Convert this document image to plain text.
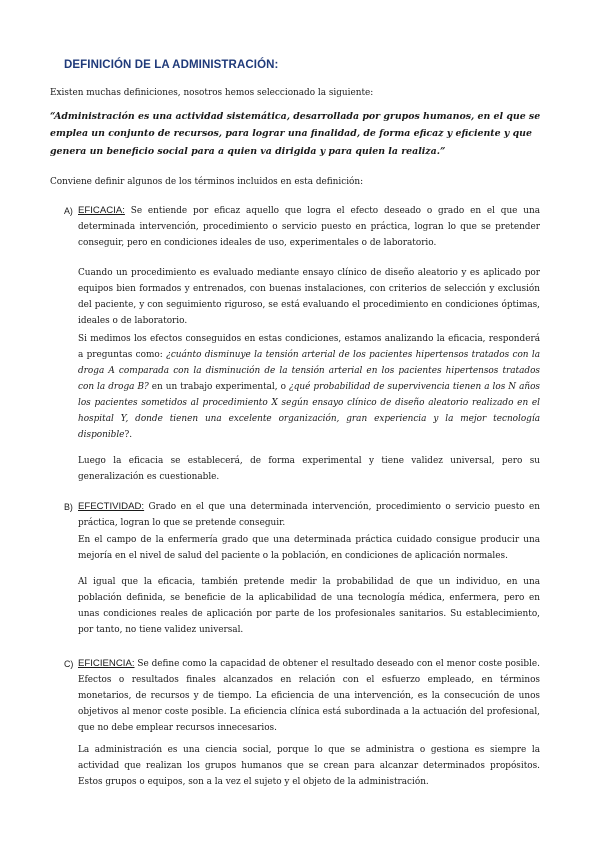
DEFINICIÓN DE LA ADMINISTRACIÓN:

Existen muchas definiciones, nosotros hemos seleccionado la siguiente:

“Administración es una actividad sistemática, desarrollada por grupos humanos, en el que se emplea un conjunto de recursos, para lograr una finalidad, de forma eficaz y eficiente y que genera un beneficio social para a quien va dirigida y para quien la realiza.”

Conviene definir algunos de los términos incluidos en esta definición:

A) EFICACIA: Se entiende por eficaz aquello que logra el efecto deseado o grado en el que una determinada intervención, procedimiento o servicio puesto en práctica, logran lo que se pretender conseguir, pero en condiciones ideales de uso, experimentales o de laboratorio.

Cuando un procedimiento es evaluado mediante ensayo clínico de diseño aleatorio y es aplicado por equipos bien formados y entrenados, con buenas instalaciones, con criterios de selección y exclusión del paciente, y con seguimiento riguroso, se está evaluando el procedimiento en condiciones óptimas, ideales o de laboratorio.

Si medimos los efectos conseguidos en estas condiciones, estamos analizando la eficacia, responderá a preguntas como: ¿cuánto disminuye la tensión arterial de los pacientes hipertensos tratados con la droga A comparada con la disminución de la tensión arterial en los pacientes hipertensos tratados con la droga B? en un trabajo experimental, o ¿qué probabilidad de supervivencia tienen a los N años los pacientes sometidos al procedimiento X según ensayo clínico de diseño aleatorio realizado en el hospital Y, donde tienen una excelente organización, gran experiencia y la mejor tecnología disponible?.

Luego la eficacia se establecerá, de forma experimental y tiene validez universal, pero su generalización es cuestionable.

B) EFECTIVIDAD: Grado en el que una determinada intervención, procedimiento o servicio puesto en práctica, logran lo que se pretende conseguir.

En el campo de la enfermería grado que una determinada práctica cuidado consigue producir una mejoría en el nivel de salud del paciente o la población, en condiciones de aplicación normales.

Al igual que la eficacia, también pretende medir la probabilidad de que un individuo, en una población definida, se beneficie de la aplicabilidad de una tecnología médica, enfermera, pero en unas condiciones reales de aplicación por parte de los profesionales sanitarios. Su establecimiento, por tanto, no tiene validez universal.

C) EFICIENCIA: Se define como la capacidad de obtener el resultado deseado con el menor coste posible. Efectos o resultados finales alcanzados en relación con el esfuerzo empleado, en términos monetarios, de recursos y de tiempo. La eficiencia de una intervención, es la consecución de unos objetivos al menor coste posible. La eficiencia clínica está subordinada a la actuación del profesional, que no debe emplear recursos innecesarios.

La administración es una ciencia social, porque lo que se administra o gestiona es siempre la actividad que realizan los grupos humanos que se crean para alcanzar determinados propósitos. Estos grupos o equipos, son a la vez el sujeto y el objeto de la administración.
